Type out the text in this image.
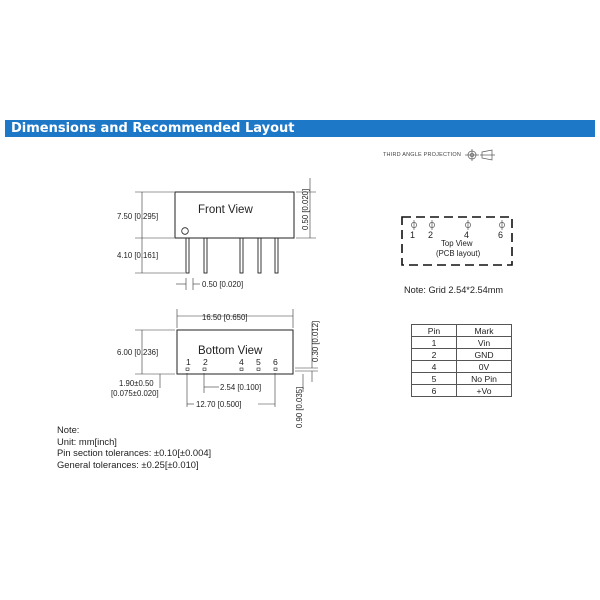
Dimensions and Recommended Layout
THIRD ANGLE PROJECTION
Front View
7.50 [0.295]
4.10 [0.161]
0.50 [0.020]
0.50 [0.020]
Bottom View
1 2	4 5 6
16.50 [0.650]
6.00 [0.236]
1.90±0.50
[0.075±0.020]
2.54 [0.100]
12.70 [0.500]
0.30 [0.012]
0.90 [0.035]
1 2	4	6
Top View
(PCB layout)
Note: Grid 2.54*2.54mm
Pin	Mark
1	Vin
2	GND
4	0V
5	No Pin
6	+Vo
Note:
Unit: mm[inch]
Pin section tolerances: ±0.10[±0.004]
General tolerances: ±0.25[±0.010]
